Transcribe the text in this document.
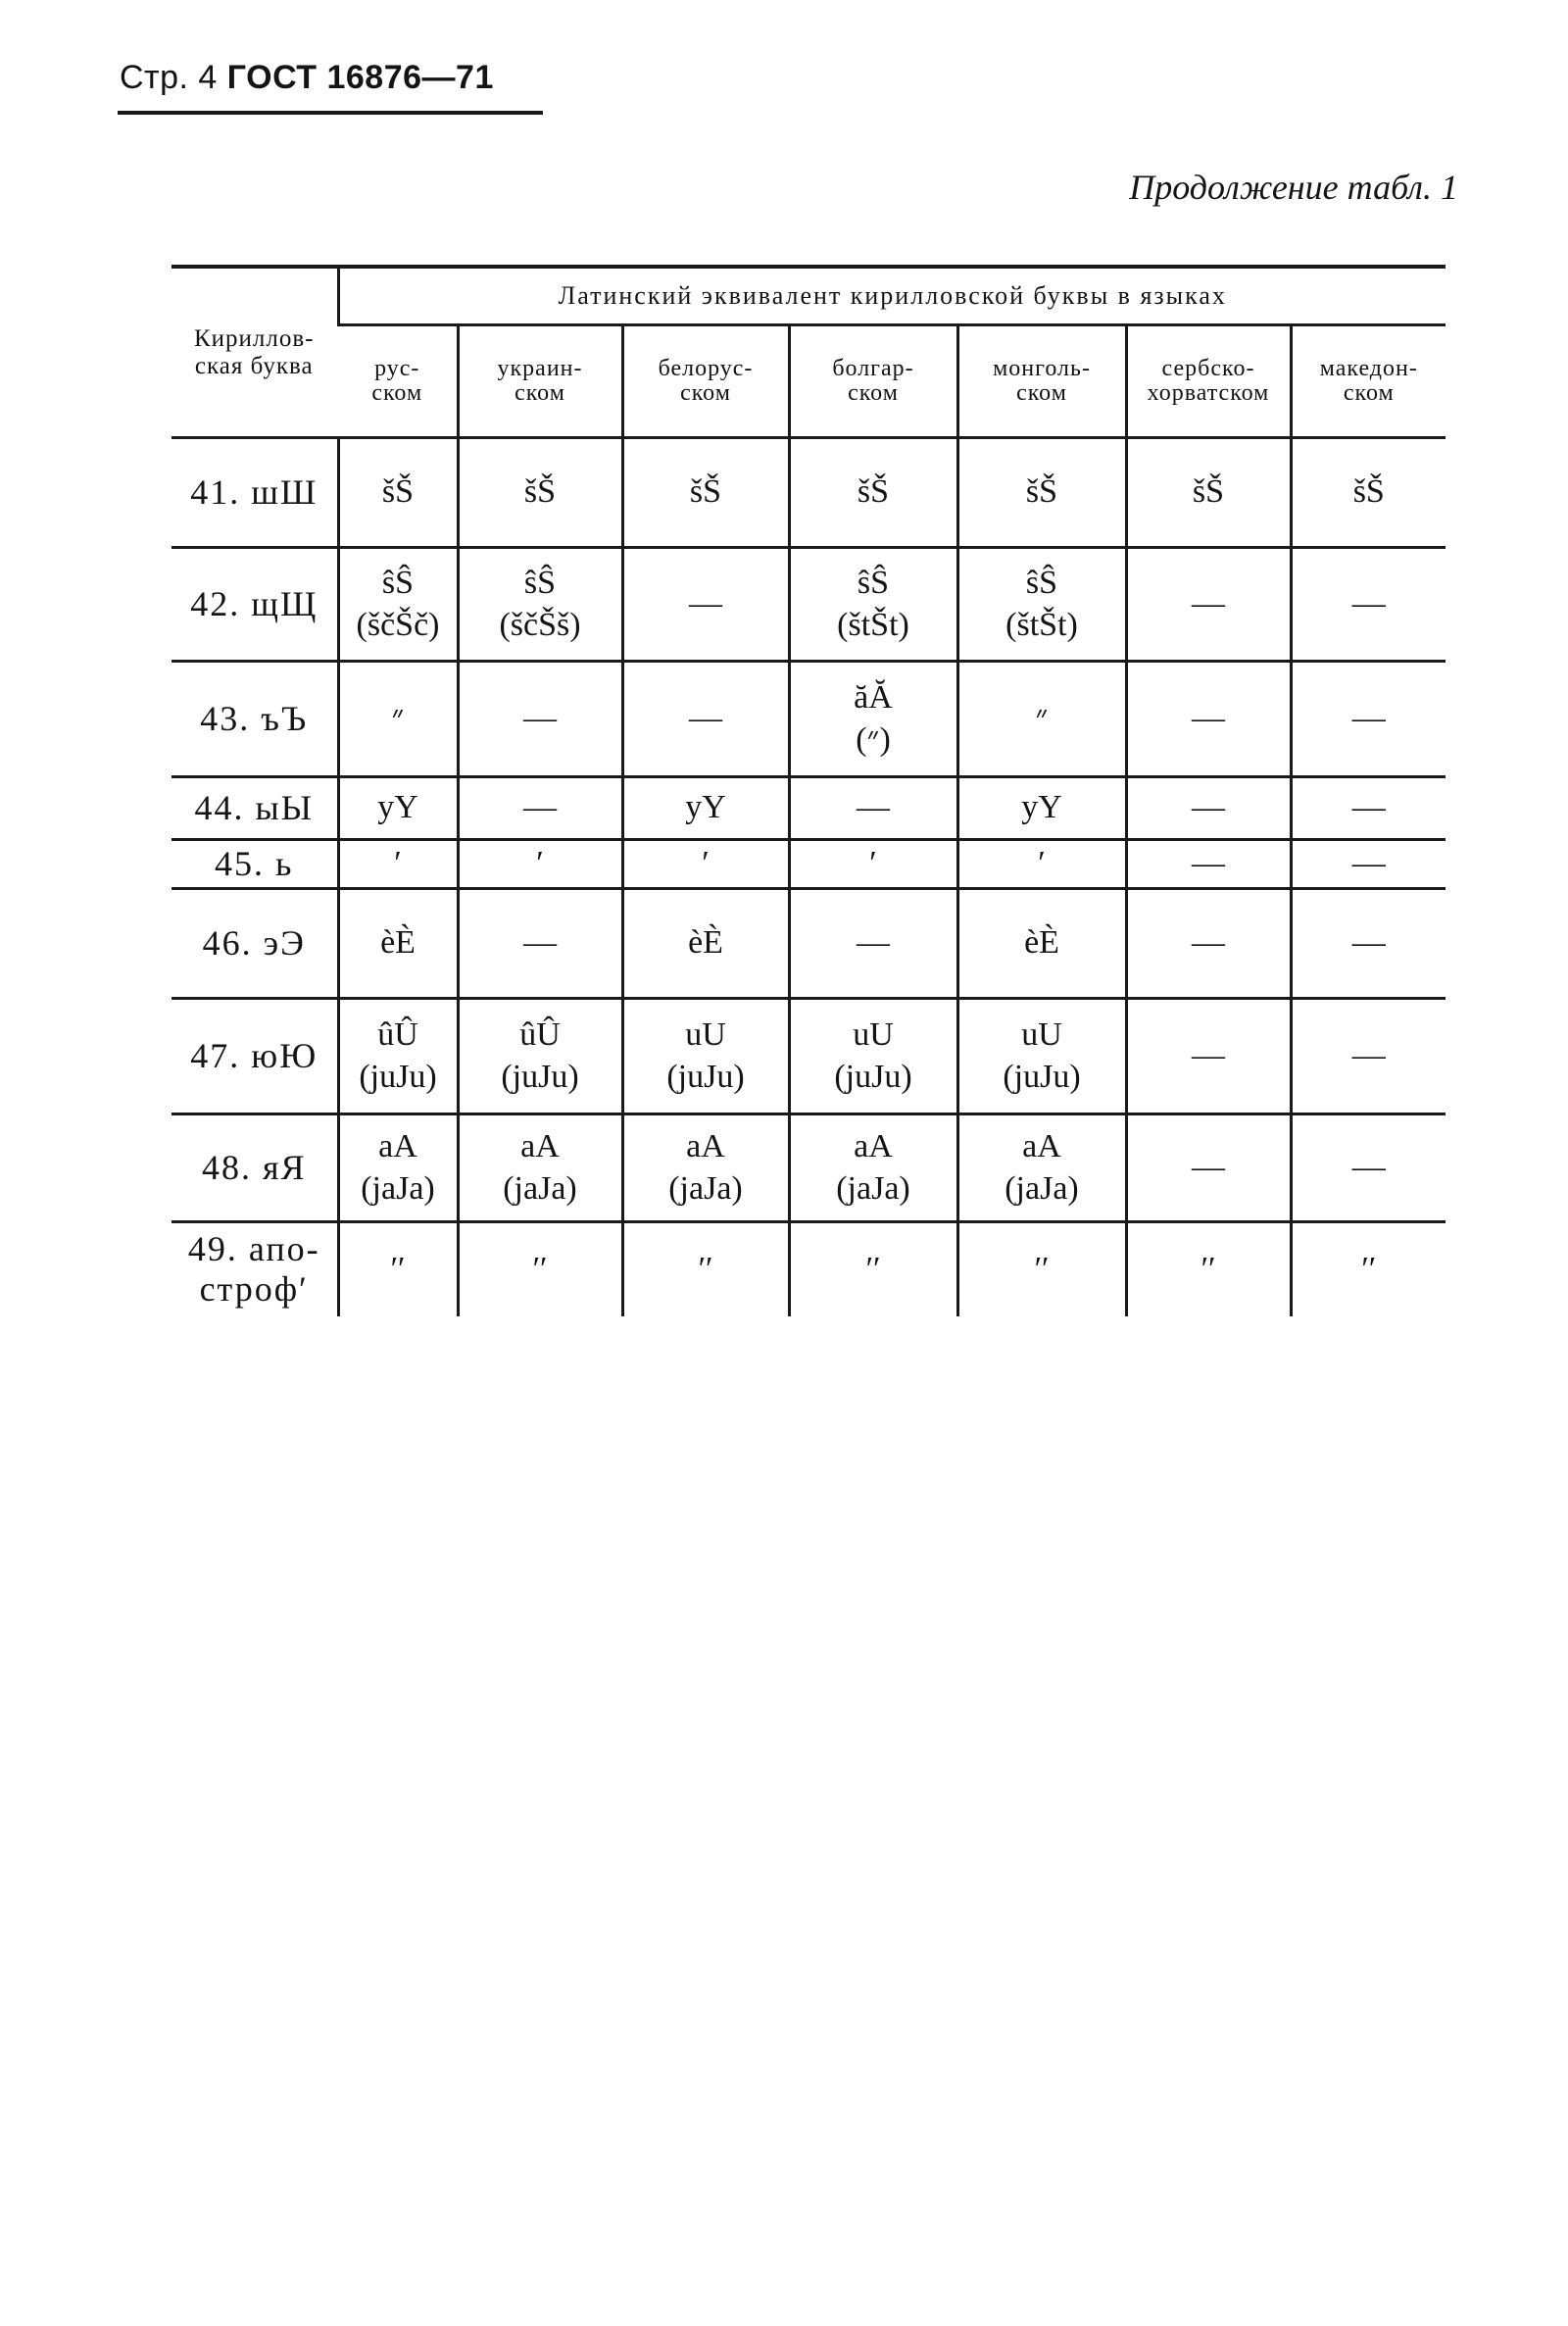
Стр. 4 ГОСТ 16876—71
Продолжение табл. 1
Кириллов-
ская буква	Латинский эквивалент кирилловской буквы в языках						

	рус-
ском	украин-
ском	белорус-
ском	болгар-
ском	монголь-
ском	сербско-
хорватском	македон-
ском

41. шШ	šŠ	šŠ	šŠ	šŠ	šŠ	šŠ	šŠ

42. щЩ	ŝŜ
(ščŠč)	ŝŜ
(ščŠš)	—	ŝŜ
(štŠt)	ŝŜ
(štŠt)	—	—

43. ъЪ	״	—	—	ăĂ
(״)	״	—	—

44. ыЫ	yY	—	yY	—	yY	—	—

45. ь	′	′	′	′	′	—	—

46. эЭ	èÈ	—	èÈ	—	èÈ	—	—

47. юЮ	ûÛ
(juJu)	ûÛ
(juJu)	uU
(juJu)	uU
(juJu)	uU
(juJu)	—	—

48. яЯ	aA
(jaJa)	aA
(jaJa)	aA
(jaJa)	aA
(jaJa)	aA
(jaJa)	—	—

49. апо-
строф′	′′	′′	′′	′′	′′	′′	′′
